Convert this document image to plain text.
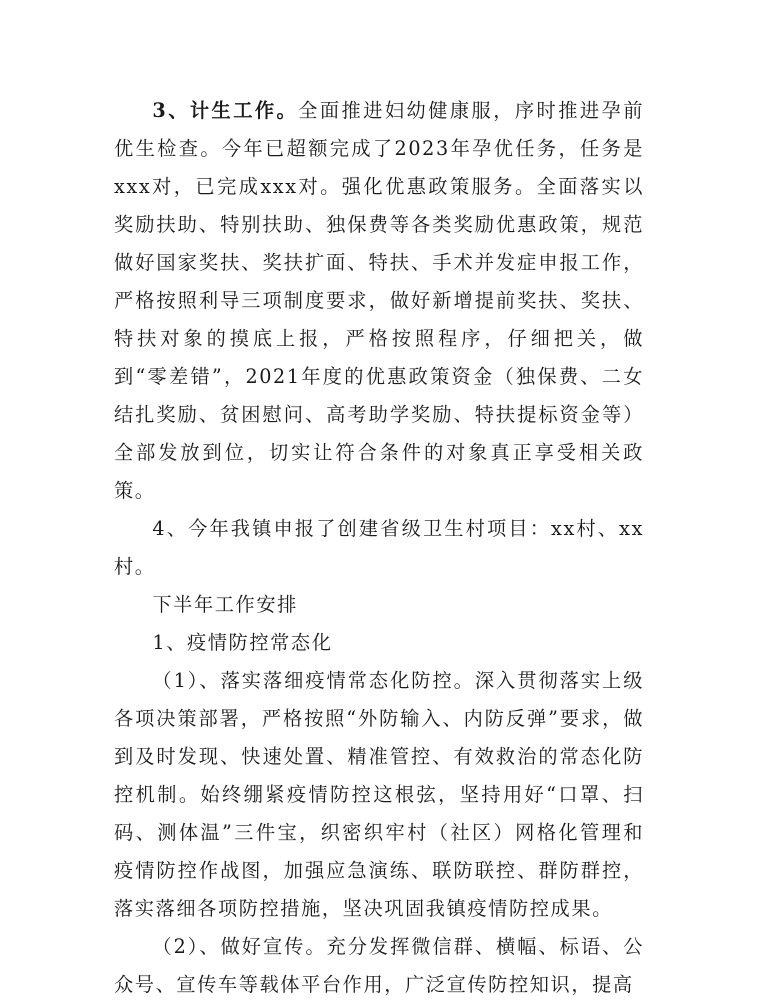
3、计生工作。全面推进妇幼健康服，序时推进孕前优生检查。今年已超额完成了2023年孕优任务，任务是xxx对，已完成xxx对。强化优惠政策服务。全面落实以奖励扶助、特别扶助、独保费等各类奖励优惠政策，规范做好国家奖扶、奖扶扩面、特扶、手术并发症申报工作，严格按照利导三项制度要求，做好新增提前奖扶、奖扶、特扶对象的摸底上报，严格按照程序，仔细把关，做到“零差错”，2021年度的优惠政策资金（独保费、二女结扎奖励、贫困慰问、高考助学奖励、特扶提标资金等）全部发放到位，切实让符合条件的对象真正享受相关政策。

4、今年我镇申报了创建省级卫生村项目：xx村、xx村。

下半年工作安排

1、疫情防控常态化

（1）、落实落细疫情常态化防控。深入贯彻落实上级各项决策部署，严格按照“外防输入、内防反弹”要求，做到及时发现、快速处置、精准管控、有效救治的常态化防控机制。始终绷紧疫情防控这根弦，坚持用好“口罩、扫码、测体温”三件宝，织密织牢村（社区）网格化管理和疫情防控作战图，加强应急演练、联防联控、群防群控，落实落细各项防控措施，坚决巩固我镇疫情防控成果。

（2）、做好宣传。充分发挥微信群、横幅、标语、公众号、宣传车等载体平台作用，广泛宣传防控知识，提高
